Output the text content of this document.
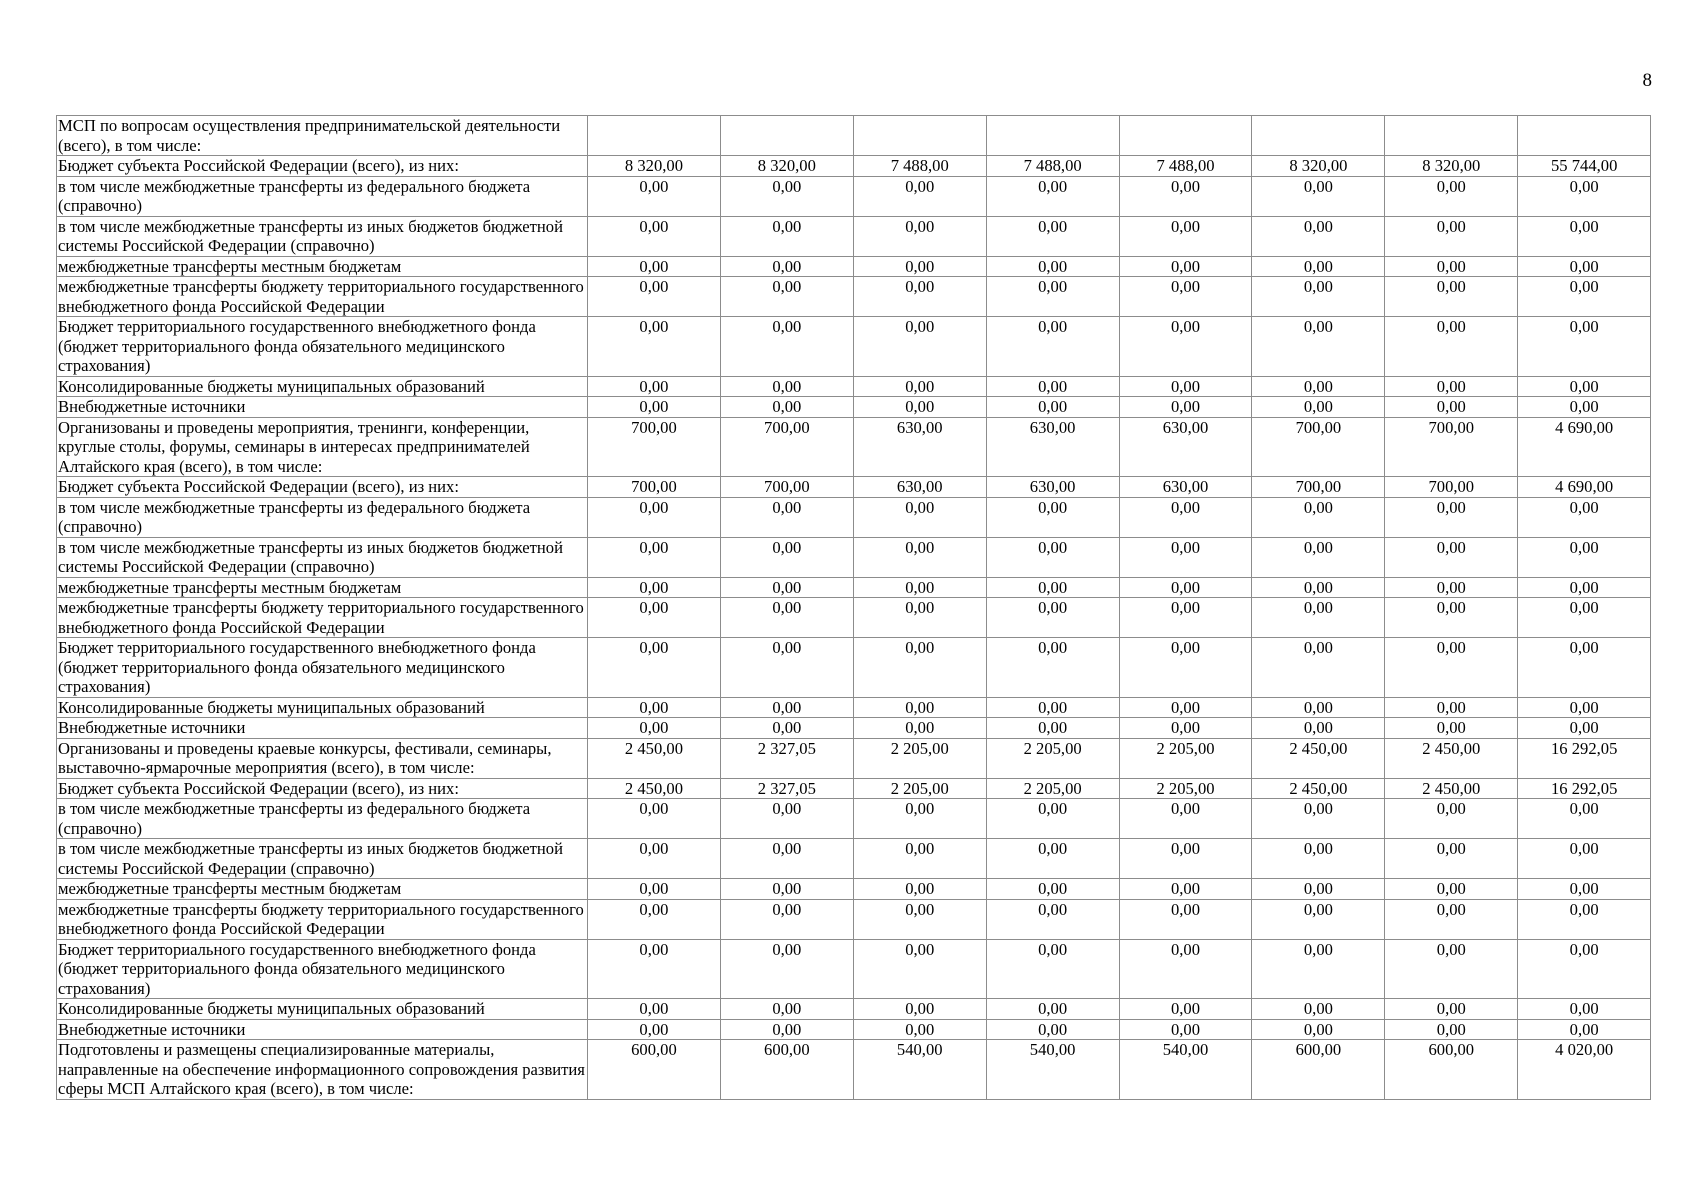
8
МСП по вопросам осуществления предпринимательской деятельности (всего), в том числе:								
Бюджет субъекта Российской Федерации (всего), из них:	8 320,00	8 320,00	7 488,00	7 488,00	7 488,00	8 320,00	8 320,00	55 744,00
в том числе межбюджетные трансферты из федерального бюджета (справочно)	0,00	0,00	0,00	0,00	0,00	0,00	0,00	0,00
в том числе межбюджетные трансферты из иных бюджетов бюджетной системы Российской Федерации (справочно)	0,00	0,00	0,00	0,00	0,00	0,00	0,00	0,00
межбюджетные трансферты местным бюджетам	0,00	0,00	0,00	0,00	0,00	0,00	0,00	0,00
межбюджетные трансферты бюджету территориального государственного внебюджетного фонда Российской Федерации	0,00	0,00	0,00	0,00	0,00	0,00	0,00	0,00
Бюджет территориального государственного внебюджетного фонда (бюджет территориального фонда обязательного медицинского страхования)	0,00	0,00	0,00	0,00	0,00	0,00	0,00	0,00
Консолидированные бюджеты муниципальных образований	0,00	0,00	0,00	0,00	0,00	0,00	0,00	0,00
Внебюджетные источники	0,00	0,00	0,00	0,00	0,00	0,00	0,00	0,00
Организованы и проведены мероприятия, тренинги, конференции, круглые столы, форумы, семинары в интересах предпринимателей Алтайского края (всего), в том числе:	700,00	700,00	630,00	630,00	630,00	700,00	700,00	4 690,00
Бюджет субъекта Российской Федерации (всего), из них:	700,00	700,00	630,00	630,00	630,00	700,00	700,00	4 690,00
в том числе межбюджетные трансферты из федерального бюджета (справочно)	0,00	0,00	0,00	0,00	0,00	0,00	0,00	0,00
в том числе межбюджетные трансферты из иных бюджетов бюджетной системы Российской Федерации (справочно)	0,00	0,00	0,00	0,00	0,00	0,00	0,00	0,00
межбюджетные трансферты местным бюджетам	0,00	0,00	0,00	0,00	0,00	0,00	0,00	0,00
межбюджетные трансферты бюджету территориального государственного внебюджетного фонда Российской Федерации	0,00	0,00	0,00	0,00	0,00	0,00	0,00	0,00
Бюджет территориального государственного внебюджетного фонда (бюджет территориального фонда обязательного медицинского страхования)	0,00	0,00	0,00	0,00	0,00	0,00	0,00	0,00
Консолидированные бюджеты муниципальных образований	0,00	0,00	0,00	0,00	0,00	0,00	0,00	0,00
Внебюджетные источники	0,00	0,00	0,00	0,00	0,00	0,00	0,00	0,00
Организованы и проведены краевые конкурсы, фестивали, семинары, выставочно-ярмарочные мероприятия (всего), в том числе:	2 450,00	2 327,05	2 205,00	2 205,00	2 205,00	2 450,00	2 450,00	16 292,05
Бюджет субъекта Российской Федерации (всего), из них:	2 450,00	2 327,05	2 205,00	2 205,00	2 205,00	2 450,00	2 450,00	16 292,05
в том числе межбюджетные трансферты из федерального бюджета (справочно)	0,00	0,00	0,00	0,00	0,00	0,00	0,00	0,00
в том числе межбюджетные трансферты из иных бюджетов бюджетной системы Российской Федерации (справочно)	0,00	0,00	0,00	0,00	0,00	0,00	0,00	0,00
межбюджетные трансферты местным бюджетам	0,00	0,00	0,00	0,00	0,00	0,00	0,00	0,00
межбюджетные трансферты бюджету территориального государственного внебюджетного фонда Российской Федерации	0,00	0,00	0,00	0,00	0,00	0,00	0,00	0,00
Бюджет территориального государственного внебюджетного фонда (бюджет территориального фонда обязательного медицинского страхования)	0,00	0,00	0,00	0,00	0,00	0,00	0,00	0,00
Консолидированные бюджеты муниципальных образований	0,00	0,00	0,00	0,00	0,00	0,00	0,00	0,00
Внебюджетные источники	0,00	0,00	0,00	0,00	0,00	0,00	0,00	0,00
Подготовлены и размещены специализированные материалы, направленные на обеспечение информационного сопровождения развития сферы МСП Алтайского края (всего), в том числе:	600,00	600,00	540,00	540,00	540,00	600,00	600,00	4 020,00
